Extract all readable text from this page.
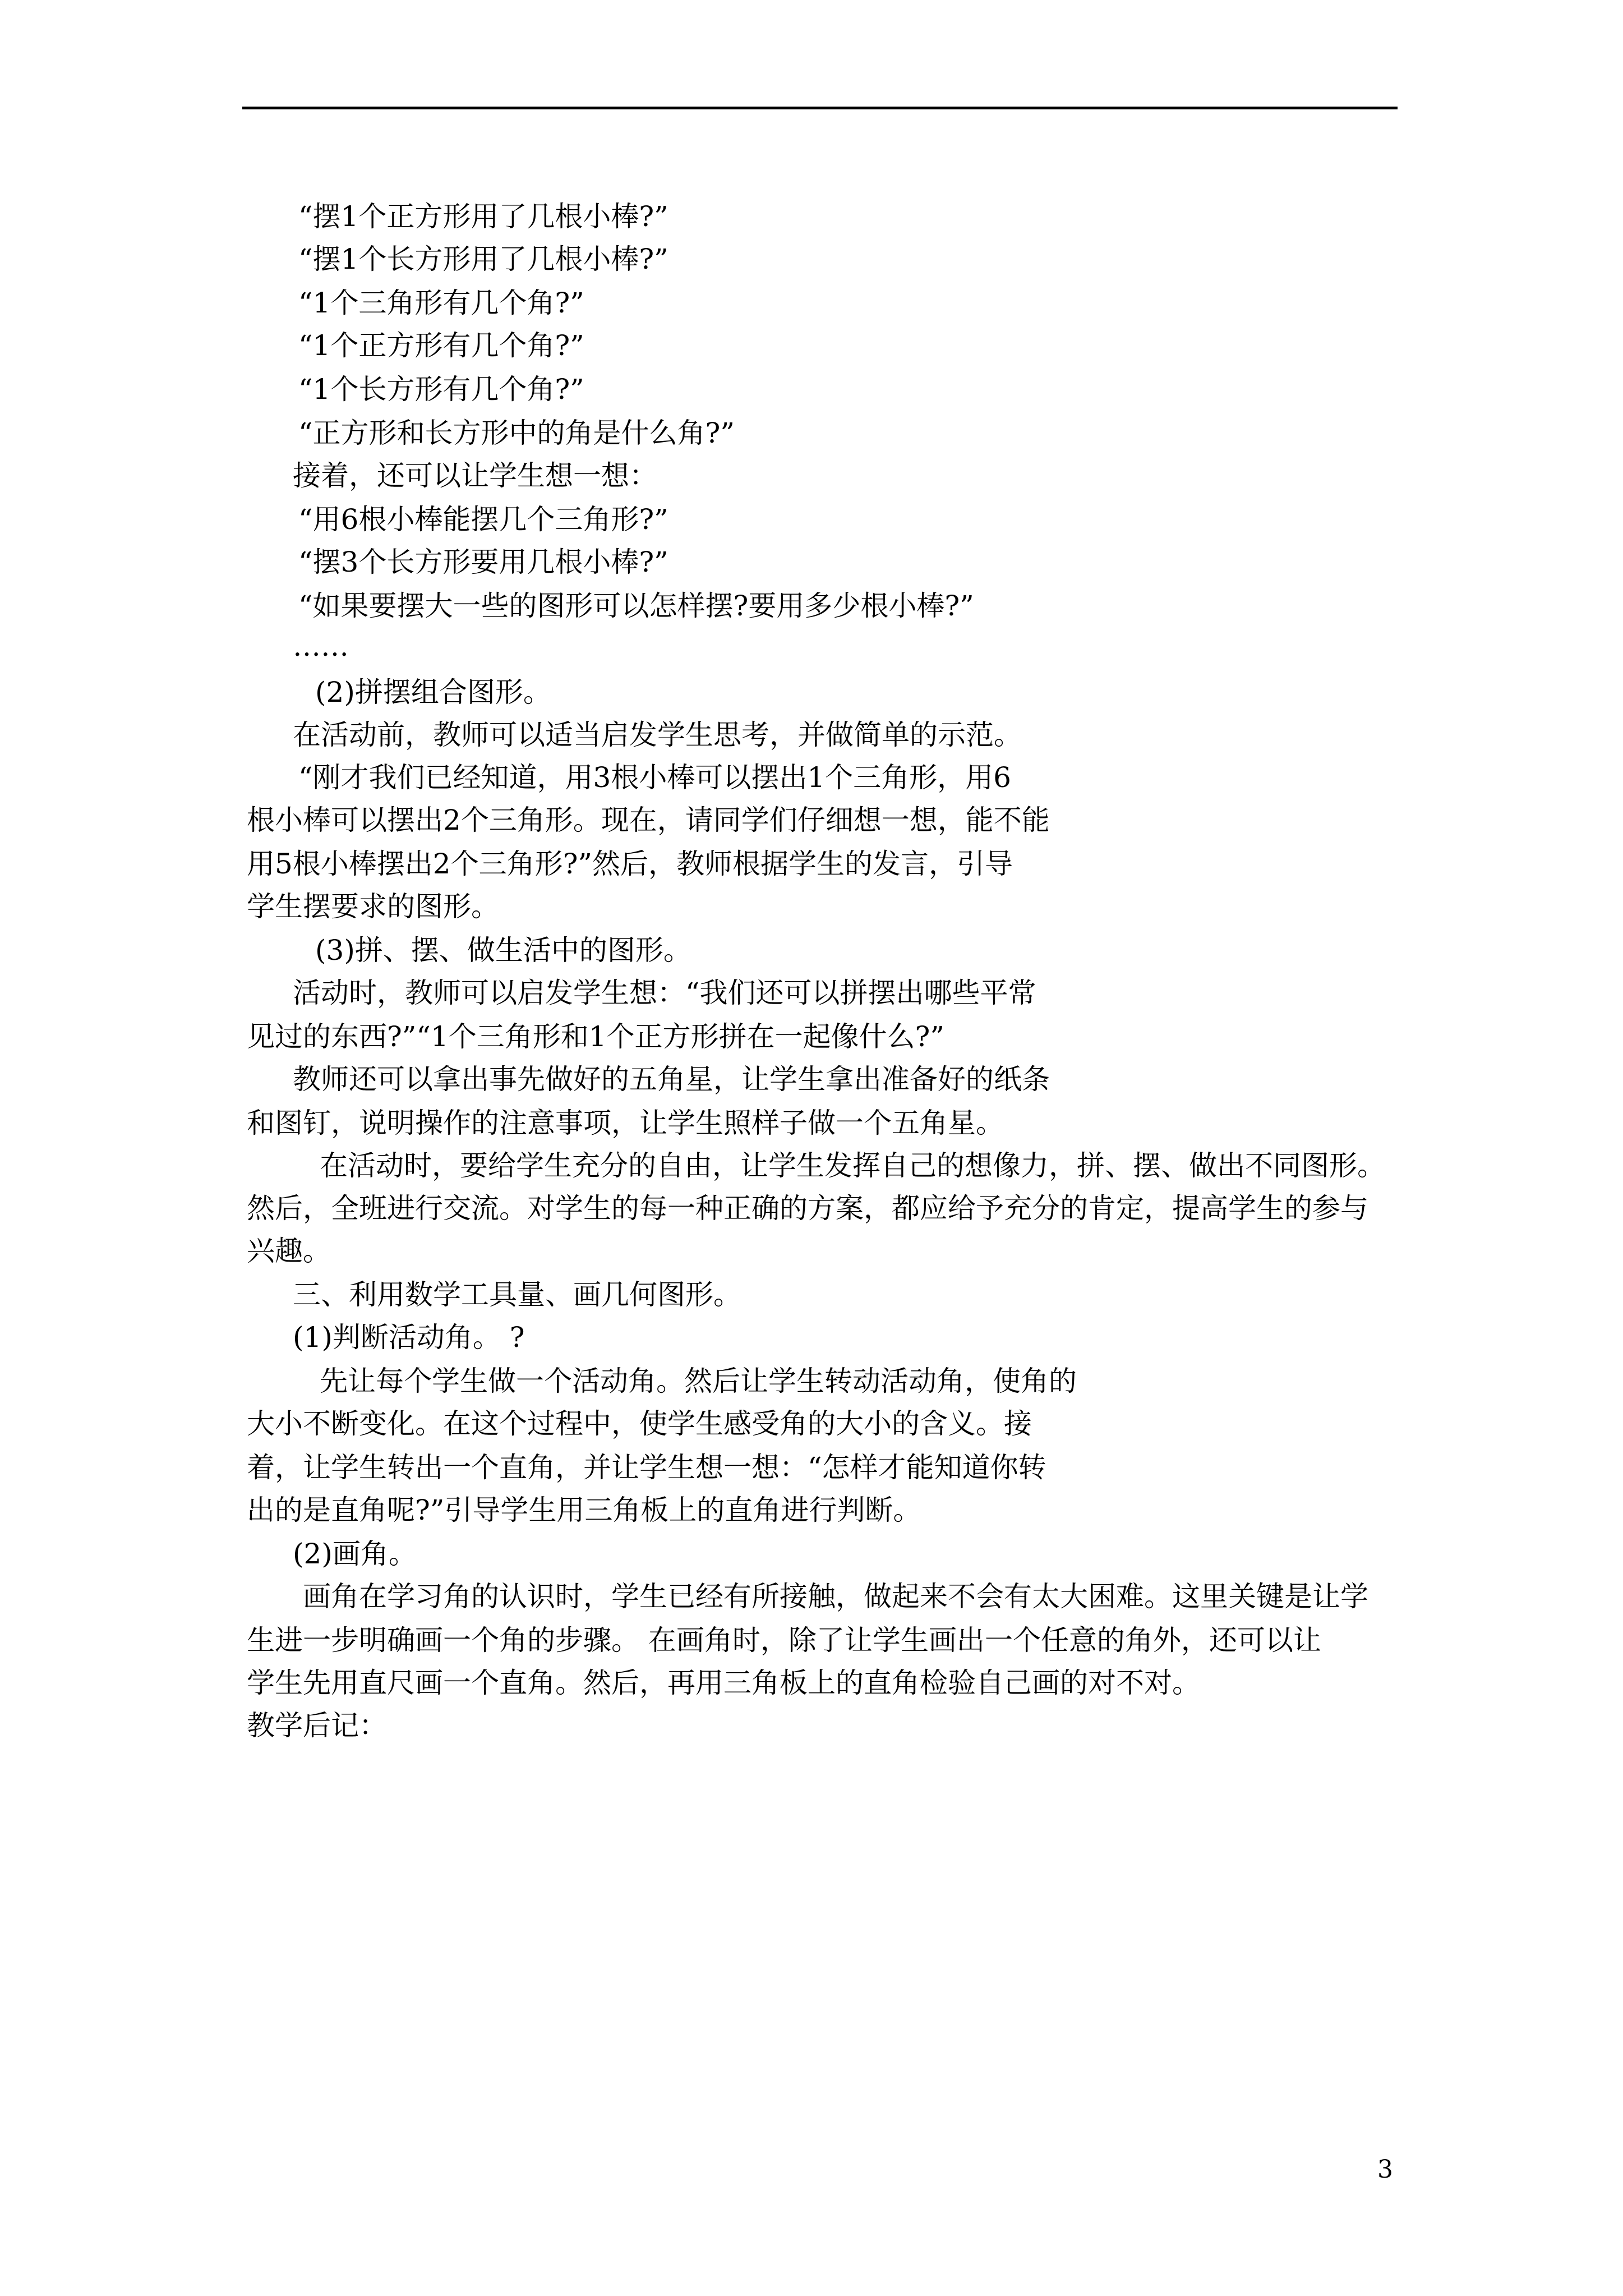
“摆1个正方形用了几根小棒?”
“摆1个长方形用了几根小棒?”
“1个三角形有几个角?”
“1个正方形有几个角?”
“1个长方形有几个角?”
“正方形和长方形中的角是什么角?”
接着，还可以让学生想一想：
“用6根小棒能摆几个三角形?”
“摆3个长方形要用几根小棒?”
“如果要摆大一些的图形可以怎样摆?要用多少根小棒?”
……
(2)拼摆组合图形。
在活动前，教师可以适当启发学生思考，并做简单的示范。
“刚才我们已经知道，用3根小棒可以摆出1个三角形，用6
根小棒可以摆出2个三角形。现在，请同学们仔细想一想，能不能
用5根小棒摆出2个三角形?”然后，教师根据学生的发言，引导
学生摆要求的图形。
(3)拼、摆、做生活中的图形。
活动时，教师可以启发学生想：“我们还可以拼摆出哪些平常
见过的东西?”“1个三角形和1个正方形拼在一起像什么?”
教师还可以拿出事先做好的五角星，让学生拿出准备好的纸条
和图钉，说明操作的注意事项，让学生照样子做一个五角星。
在活动时，要给学生充分的自由，让学生发挥自己的想像力，拼、摆、做出不同图形。
然后，全班进行交流。对学生的每一种正确的方案，都应给予充分的肯定，提高学生的参与
兴趣。
三、利用数学工具量、画几何图形。
(1)判断活动角。 ?
先让每个学生做一个活动角。然后让学生转动活动角，使角的
大小不断变化。在这个过程中，使学生感受角的大小的含义。接
着，让学生转出一个直角，并让学生想一想：“怎样才能知道你转
出的是直角呢?”引导学生用三角板上的直角进行判断。
(2)画角。
画角在学习角的认识时，学生已经有所接触，做起来不会有太大困难。这里关键是让学
生进一步明确画一个角的步骤。 在画角时，除了让学生画出一个任意的角外，还可以让
学生先用直尺画一个直角。然后，再用三角板上的直角检验自己画的对不对。
教学后记：
3
